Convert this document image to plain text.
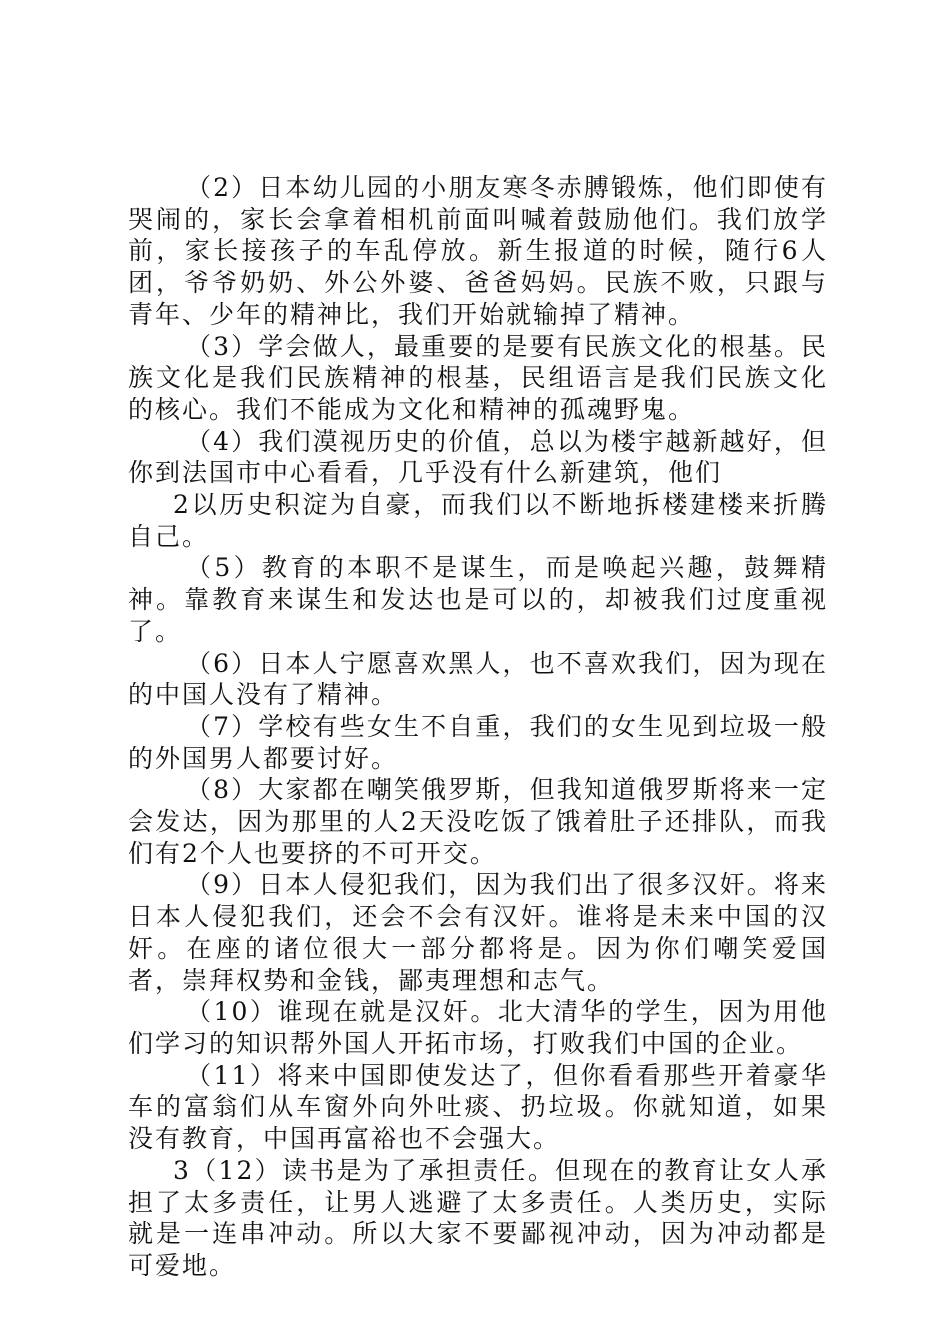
（2）日本幼儿园的小朋友寒冬赤膊锻炼，他们即使有哭闹的，家长会拿着相机前面叫喊着鼓励他们。我们放学前，家长接孩子的车乱停放。新生报道的时候，随行6人团，爷爷奶奶、外公外婆、爸爸妈妈。民族不败，只跟与青年、少年的精神比，我们开始就输掉了精神。

（3）学会做人，最重要的是要有民族文化的根基。民族文化是我们民族精神的根基，民组语言是我们民族文化的核心。我们不能成为文化和精神的孤魂野鬼。

（4）我们漠视历史的价值，总以为楼宇越新越好，但你到法国市中心看看，几乎没有什么新建筑，他们

2以历史积淀为自豪，而我们以不断地拆楼建楼来折腾自己。

（5）教育的本职不是谋生，而是唤起兴趣，鼓舞精神。靠教育来谋生和发达也是可以的，却被我们过度重视了。

（6）日本人宁愿喜欢黑人，也不喜欢我们，因为现在的中国人没有了精神。

（7）学校有些女生不自重，我们的女生见到垃圾一般的外国男人都要讨好。

（8）大家都在嘲笑俄罗斯，但我知道俄罗斯将来一定会发达，因为那里的人2天没吃饭了饿着肚子还排队，而我们有2个人也要挤的不可开交。

（9）日本人侵犯我们，因为我们出了很多汉奸。将来日本人侵犯我们，还会不会有汉奸。谁将是未来中国的汉奸。在座的诸位很大一部分都将是。因为你们嘲笑爱国者，崇拜权势和金钱，鄙夷理想和志气。

（10）谁现在就是汉奸。北大清华的学生，因为用他们学习的知识帮外国人开拓市场，打败我们中国的企业。

（11）将来中国即使发达了，但你看看那些开着豪华车的富翁们从车窗外向外吐痰、扔垃圾。你就知道，如果没有教育，中国再富裕也不会强大。

3（12）读书是为了承担责任。但现在的教育让女人承担了太多责任，让男人逃避了太多责任。人类历史，实际就是一连串冲动。所以大家不要鄙视冲动，因为冲动都是可爱地。
